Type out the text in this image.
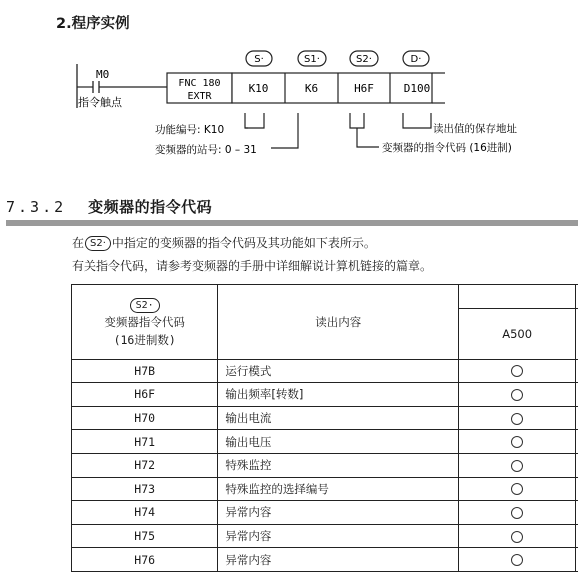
2.程序实例
M0
指令触点
FNC 180
EXTR
K10	K6	H6F	D100
S·	S1·	S2·	D·
功能编号: K10
变频器的站号: 0 – 31
读出值的保存地址
变频器的指令代码 (16进制)
7.3.2 变频器的指令代码
在 S2· 中指定的变频器的指令代码及其功能如下表所示。
有关指令代码，请参考变频器的手册中详细解说计算机链接的篇章。
S2·
变频器指令代码
(16进制数)	读出内容		
		A500	
H7B	运行模式		
H6F	输出频率[转数]		
H70	输出电流		
H71	输出电压		
H72	特殊监控		
H73	特殊监控的选择编号		
H74	异常内容		
H75	异常内容		
H76	异常内容		
